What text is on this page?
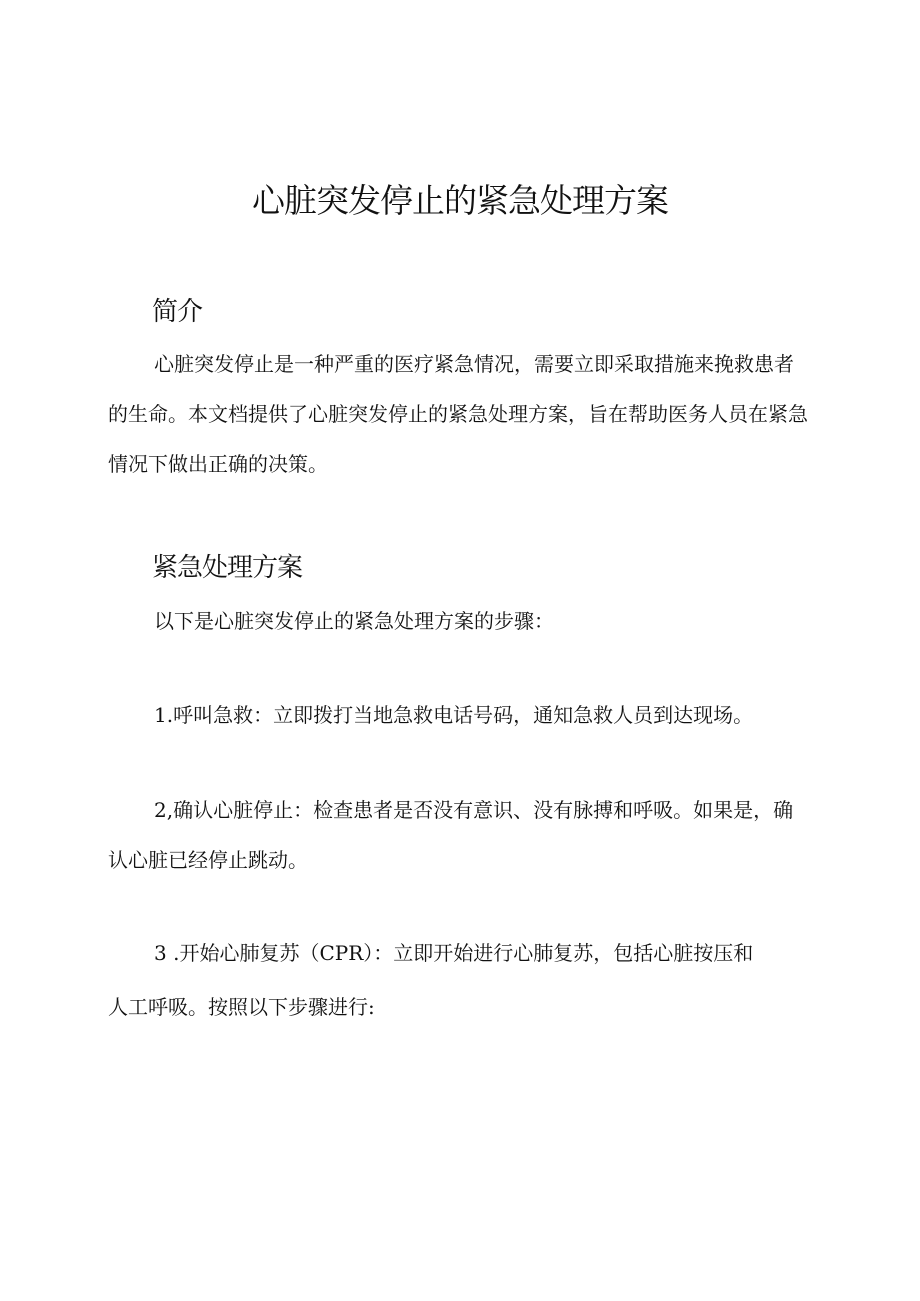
心脏突发停止的紧急处理方案
简介

心脏突发停止是一种严重的医疗紧急情况，需要立即采取措施来挽救患者的生命。本文档提供了心脏突发停止的紧急处理方案，旨在帮助医务人员在紧急情况下做出正确的决策。

紧急处理方案

以下是心脏突发停止的紧急处理方案的步骤：

1.呼叫急救：立即拨打当地急救电话号码，通知急救人员到达现场。

2,确认心脏停止：检查患者是否没有意识、没有脉搏和呼吸。如果是，确认心脏已经停止跳动。

3 .开始心肺复苏（CPR）：立即开始进行心肺复苏，包括心脏按压和人工呼吸。按照以下步骤进行:
